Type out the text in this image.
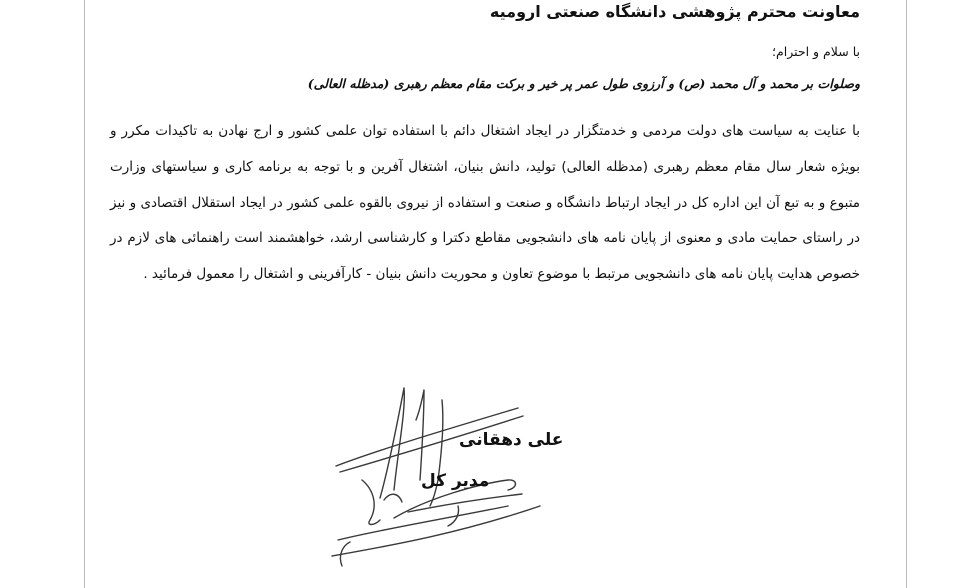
معاونت محترم پژوهشی دانشگاه صنعتی ارومیه
با سلام و احترام؛
وصلوات بر محمد و آل محمد (ص) و آرزوی طول عمر پر خیر و برکت مقام معظم رهبری (مدظله العالی)

با عنایت به سیاست های دولت مردمی و خدمتگزار در ایجاد اشتغال دائم با استفاده توان علمی کشور و ارج نهادن به تاکیدات مکرر و بویژه شعار سال مقام معظم رهبری (مدظله العالی) تولید، دانش بنیان، اشتغال آفرین و با توجه به برنامه کاری و سیاستهای وزارت متبوع و به تبع آن این اداره کل در ایجاد ارتباط دانشگاه و صنعت و استفاده از نیروی بالقوه علمی کشور در ایجاد استقلال اقتصادی و نیز در راستای حمایت مادی و معنوی از پایان نامه های دانشجویی مقاطع دکترا و کارشناسی ارشد، خواهشمند است راهنمائی های لازم در خصوص هدایت پایان نامه های دانشجویی مرتبط با موضوع تعاون و محوریت دانش بنیان - کارآفرینی و اشتغال را معمول فرمائید .

علی دهقانی
مدیر کل
